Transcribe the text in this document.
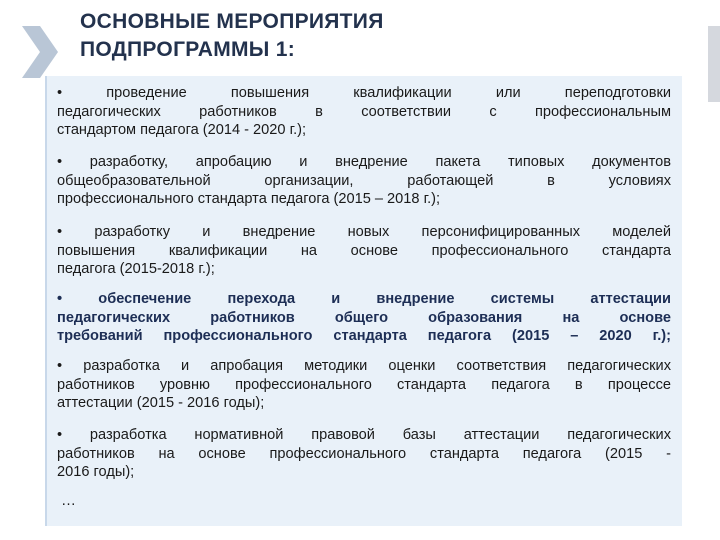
ОСНОВНЫЕ МЕРОПРИЯТИЯ
ПОДПРОГРАММЫ 1:
• проведение повышения квалификации или переподготовки
педагогических работников в соответствии с профессиональным
стандартом педагога (2014 - 2020 г.);
• разработку, апробацию и внедрение пакета типовых документов
общеобразовательной организации, работающей в условиях
профессионального стандарта педагога (2015 – 2018 г.);
• разработку и внедрение новых персонифицированных моделей
повышения квалификации на основе профессионального стандарта
педагога (2015-2018 г.);
• обеспечение перехода и внедрение системы аттестации
педагогических работников общего образования на основе
требований профессионального стандарта педагога (2015 – 2020 г.);
• разработка и апробация методики оценки соответствия педагогических
работников уровню профессионального стандарта педагога в процессе
аттестации (2015 - 2016 годы);
• разработка нормативной правовой базы аттестации педагогических
работников на основе профессионального стандарта педагога (2015 -
2016 годы);
…
